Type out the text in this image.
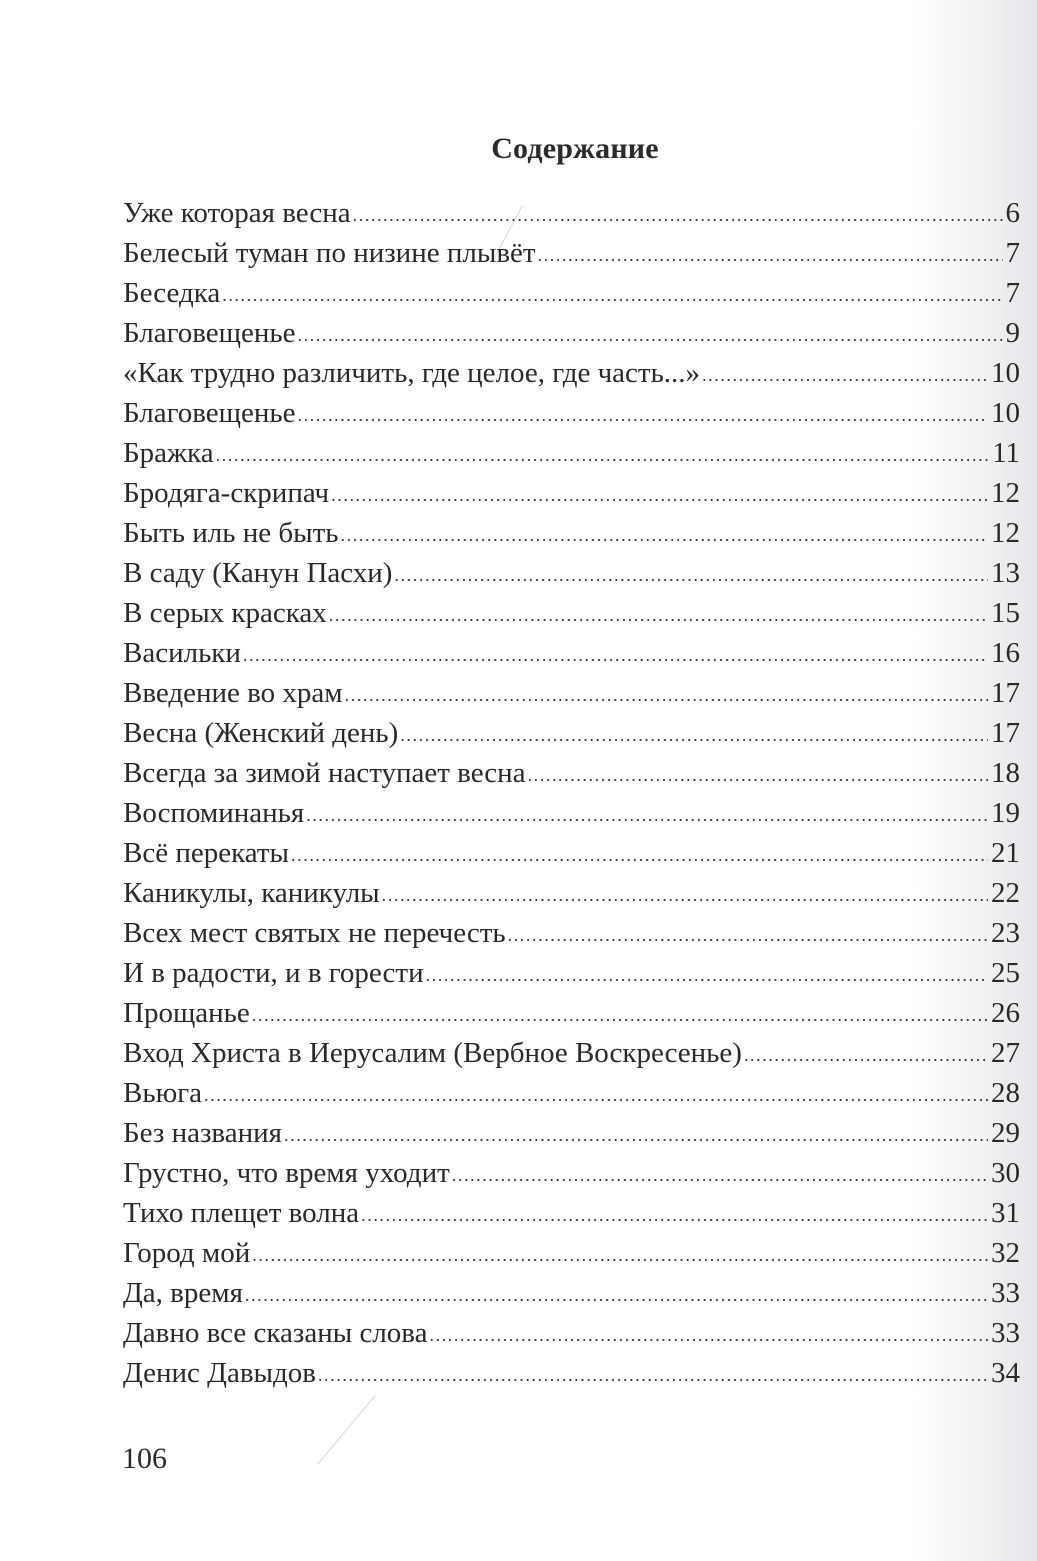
Содержание
Уже которая весна .....	6
Белесый туман по низине плывёт .....	7
Беседка .....	7
Благовещенье .....	9
«Как трудно различить, где целое, где часть...» .....	10
Благовещенье .....	10
Бражка .....	11
Бродяга-скрипач .....	12
Быть иль не быть .....	12
В саду (Канун Пасхи) .....	13
В серых красках .....	15
Васильки .....	16
Введение во храм .....	17
Весна (Женский день) .....	17
Всегда за зимой наступает весна .....	18
Воспоминанья .....	19
Всё перекаты .....	21
Каникулы, каникулы .....	22
Всех мест святых не перечесть .....	23
И в радости, и в горести .....	25
Прощанье .....	26
Вход Христа в Иерусалим (Вербное Воскресенье) .....	27
Вьюга .....	28
Без названия .....	29
Грустно, что время уходит .....	30
Тихо плещет волна .....	31
Город мой .....	32
Да, время .....	33
Давно все сказаны слова .....	33
Денис Давыдов .....	34
106
